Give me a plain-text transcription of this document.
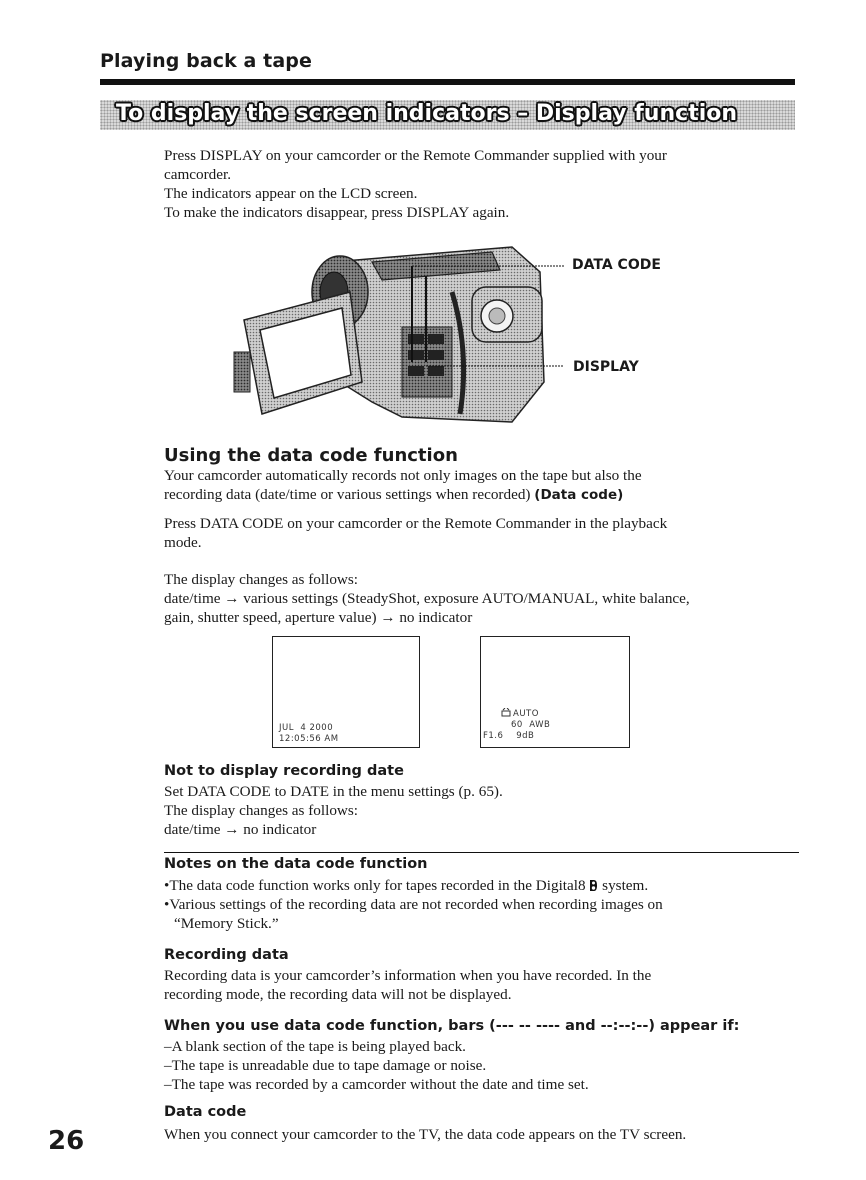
Playing back a tape
To display the screen indicators – Display function

Press DISPLAY on your camcorder or the Remote Commander supplied with your

camcorder.

The indicators appear on the LCD screen.

To make the indicators disappear, press DISPLAY again.

DATA CODE
DISPLAY
Using the data code function

Your camcorder automatically records not only images on the tape but also the

recording data (date/time or various settings when recorded) (Data code)

Press DATA CODE on your camcorder or the Remote Commander in the playback

mode.

The display changes as follows:

date/time → various settings (SteadyShot, exposure AUTO/MANUAL, white balance,

gain, shutter speed, aperture value) → no indicator

JUL  4 2000
12:05:56 AM
AUTO
60  AWB
F1.6    9dB
Not to display recording date

Set DATA CODE to DATE in the menu settings (p. 65).

The display changes as follows:

date/time → no indicator

Notes on the data code function

•The data code function works only for tapes recorded in the Digital8  system.

•Various settings of the recording data are not recorded when recording images on

“Memory Stick.”

Recording data

Recording data is your camcorder’s information when you have recorded. In the

recording mode, the recording data will not be displayed.

When you use data code function, bars (--- -- ---- and --:--:--) appear if:

–A blank section of the tape is being played back.

–The tape is unreadable due to tape damage or noise.

–The tape was recorded by a camcorder without the date and time set.

Data code

When you connect your camcorder to the TV, the data code appears on the TV screen.

26
